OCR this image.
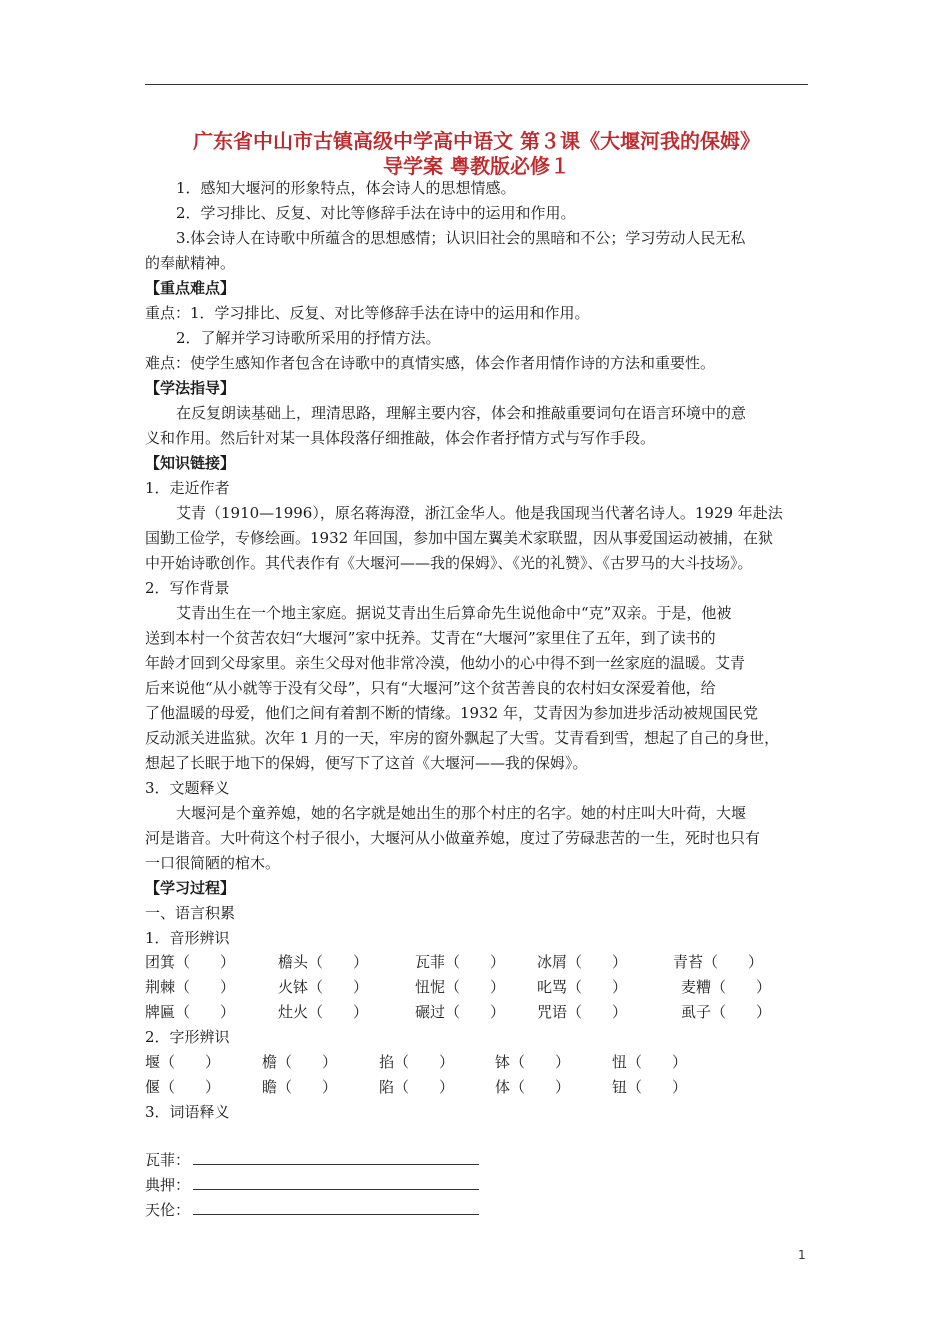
广东省中山市古镇高级中学高中语文 第３课《大堰河我的保姆》
导学案 粤教版必修１
1．感知大堰河的形象特点，体会诗人的思想情感。
2．学习排比、反复、对比等修辞手法在诗中的运用和作用。
3.体会诗人在诗歌中所蕴含的思想感情；认识旧社会的黑暗和不公；学习劳动人民无私
的奉献精神。
【重点难点】
重点：1．学习排比、反复、对比等修辞手法在诗中的运用和作用。
2．了解并学习诗歌所采用的抒情方法。
难点：使学生感知作者包含在诗歌中的真情实感，体会作者用情作诗的方法和重要性。
【学法指导】
在反复朗读基础上，理清思路，理解主要内容，体会和推敲重要词句在语言环境中的意
义和作用。然后针对某一具体段落仔细推敲，体会作者抒情方式与写作手段。
【知识链接】
1．走近作者
艾青（1910—1996），原名蒋海澄，浙江金华人。他是我国现当代著名诗人。1929 年赴法
国勤工俭学，专修绘画。1932 年回国，参加中国左翼美术家联盟，因从事爱国运动被捕，在狱
中开始诗歌创作。其代表作有《大堰河——我的保姆》、《光的礼赞》、《古罗马的大斗技场》。
2．写作背景
艾青出生在一个地主家庭。据说艾青出生后算命先生说他命中“克”双亲。于是，他被
送到本村一个贫苦农妇“大堰河”家中抚养。艾青在“大堰河”家里住了五年，到了读书的
年龄才回到父母家里。亲生父母对他非常冷漠，他幼小的心中得不到一丝家庭的温暖。艾青
后来说他“从小就等于没有父母”，只有“大堰河”这个贫苦善良的农村妇女深爱着他，给
了他温暖的母爱，他们之间有着割不断的情缘。1932 年，艾青因为参加进步活动被规国民党
反动派关进监狱。次年 1 月的一天，牢房的窗外飘起了大雪。艾青看到雪，想起了自己的身世，
想起了长眠于地下的保姆，便写下了这首《大堰河——我的保姆》。
3．文题释义
大堰河是个童养媳，她的名字就是她出生的那个村庄的名字。她的村庄叫大叶荷，大堰
河是谐音。大叶荷这个村子很小，大堰河从小做童养媳，度过了劳碌悲苦的一生，死时也只有
一口很简陋的棺木。
【学习过程】
一、语言积累
1．音形辨识
团箕（　　）	檐头（　　）	瓦菲（　　） 冰屑（　　）	青苔（　　）
荆棘（　　）	火钵（　　）	忸怩（　　） 叱骂（　　）	麦糟（　　）
牌匾（　　）	灶火（　　）	碾过（　　） 咒语（　　）	虱子（　　）
2．字形辨识
堰（　　）	檐（　　）	掐（　　）	钵（　　）	忸（　　）
偃（　　）	瞻（　　）	陷（　　）	体（　　）	钮（　　）
3．词语释义
瓦菲：
典押：
天伦：
1
